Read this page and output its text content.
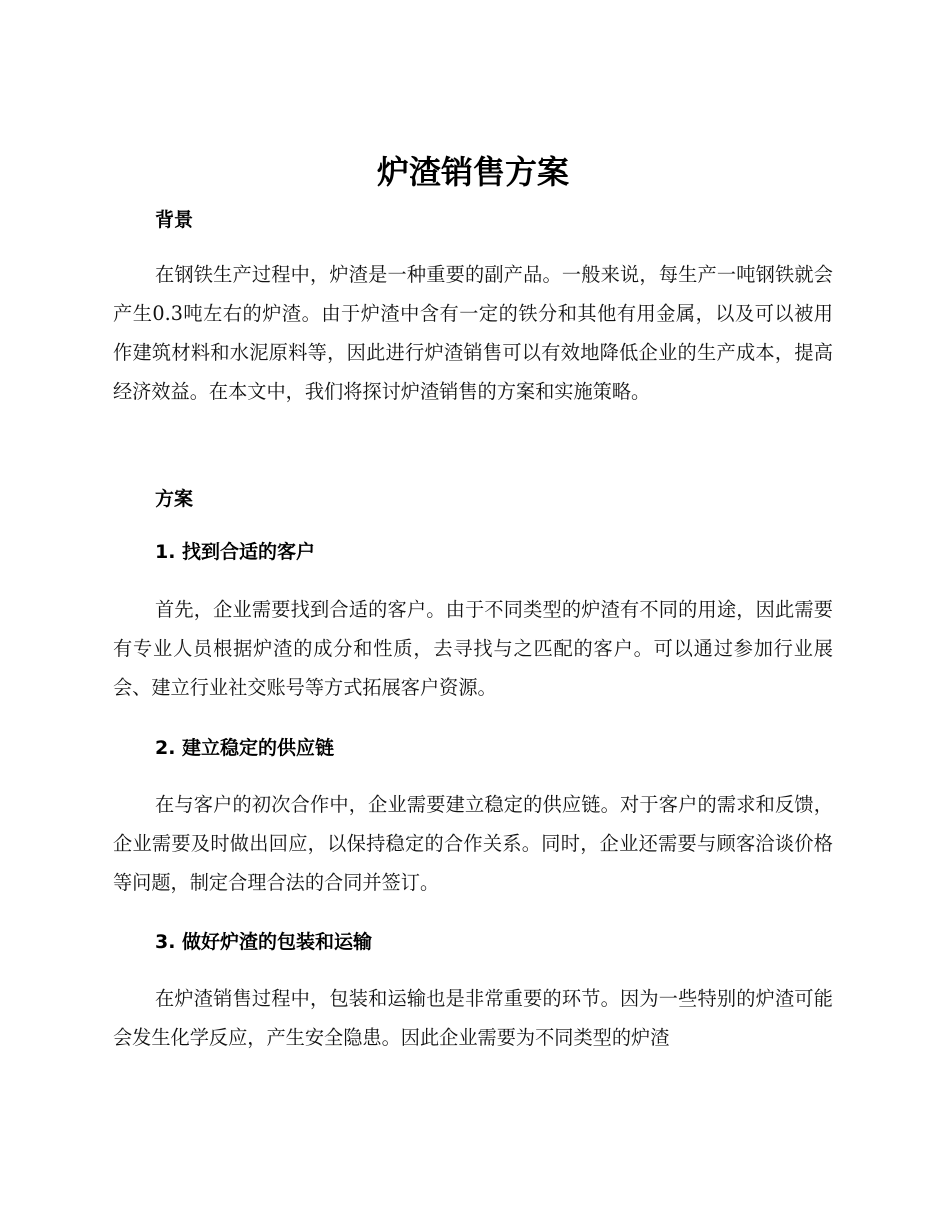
炉渣销售方案
背景

在钢铁生产过程中，炉渣是一种重要的副产品。一般来说，每生产一吨钢铁就会产生0.3吨左右的炉渣。由于炉渣中含有一定的铁分和其他有用金属，以及可以被用作建筑材料和水泥原料等，因此进行炉渣销售可以有效地降低企业的生产成本，提高经济效益。在本文中，我们将探讨炉渣销售的方案和实施策略。

方案
1. 找到合适的客户

首先，企业需要找到合适的客户。由于不同类型的炉渣有不同的用途，因此需要有专业人员根据炉渣的成分和性质，去寻找与之匹配的客户。可以通过参加行业展会、建立行业社交账号等方式拓展客户资源。

2. 建立稳定的供应链

在与客户的初次合作中，企业需要建立稳定的供应链。对于客户的需求和反馈，企业需要及时做出回应，以保持稳定的合作关系。同时，企业还需要与顾客洽谈价格等问题，制定合理合法的合同并签订。

3. 做好炉渣的包装和运输

在炉渣销售过程中，包装和运输也是非常重要的环节。因为一些特别的炉渣可能会发生化学反应，产生安全隐患。因此企业需要为不同类型的炉渣
